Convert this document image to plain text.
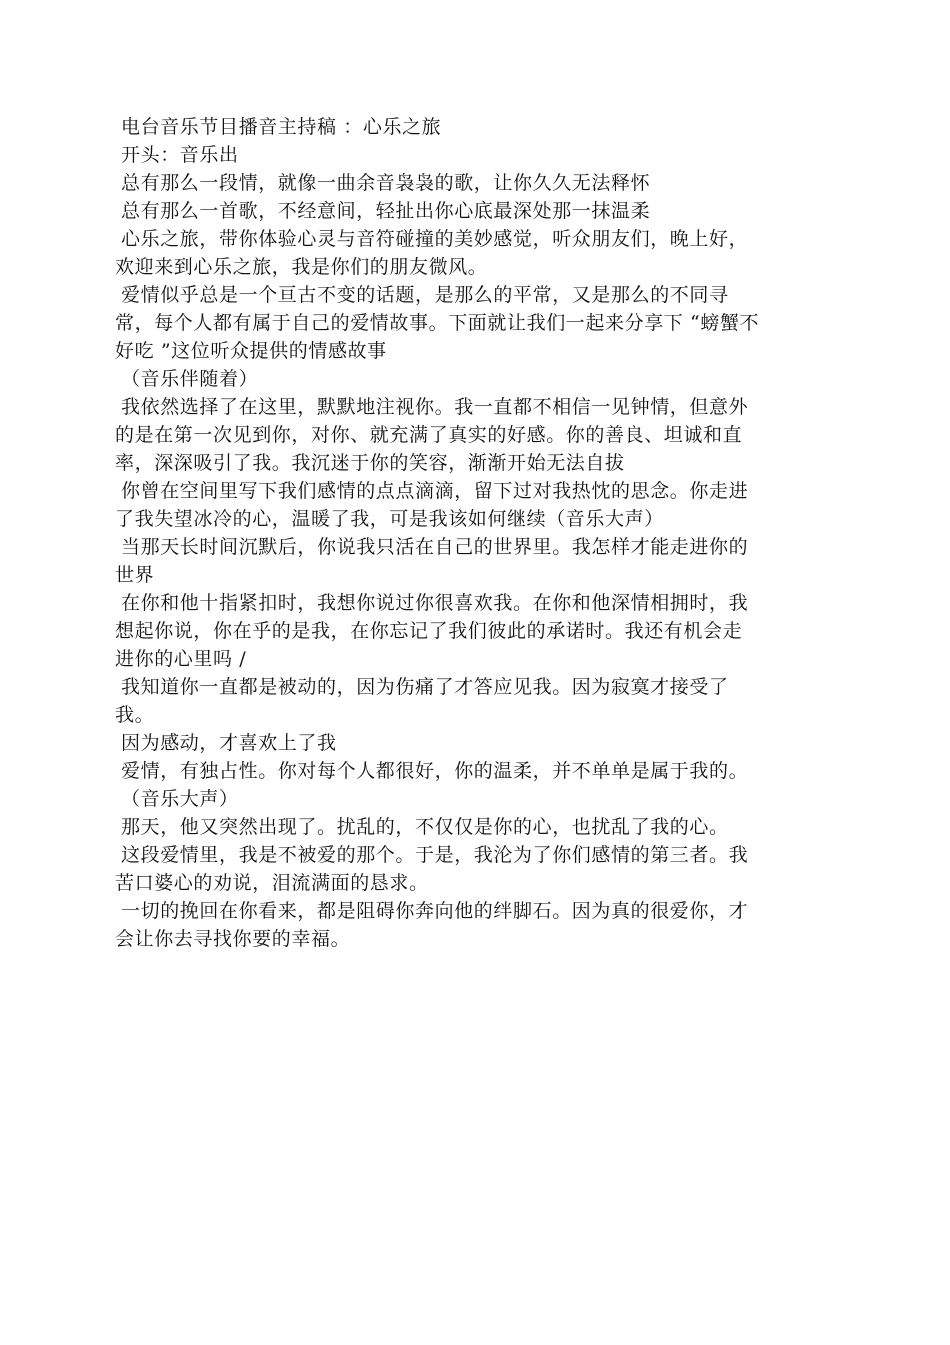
电台音乐节目播音主持稿 ：心乐之旅

开头：音乐出

总有那么一段情，就像一曲余音袅袅的歌，让你久久无法释怀

总有那么一首歌，不经意间，轻扯出你心底最深处那一抹温柔

心乐之旅，带你体验心灵与音符碰撞的美妙感觉，听众朋友们，晚上好，欢迎来到心乐之旅，我是你们的朋友微风。

爱情似乎总是一个亘古不变的话题，是那么的平常，又是那么的不同寻常，每个人都有属于自己的爱情故事。下面就让我们一起来分享下 “螃蟹不好吃 ”这位听众提供的情感故事

（音乐伴随着）

我依然选择了在这里，默默地注视你。我一直都不相信一见钟情，但意外的是在第一次见到你，对你、就充满了真实的好感。你的善良、坦诚和直率，深深吸引了我。我沉迷于你的笑容，渐渐开始无法自拔

你曾在空间里写下我们感情的点点滴滴，留下过对我热忱的思念。你走进了我失望冰冷的心，温暖了我，可是我该如何继续（音乐大声）

当那天长时间沉默后，你说我只活在自己的世界里。我怎样才能走进你的世界

在你和他十指紧扣时，我想你说过你很喜欢我。在你和他深情相拥时，我想起你说，你在乎的是我，在你忘记了我们彼此的承诺时。我还有机会走进你的心里吗 /

我知道你一直都是被动的，因为伤痛了才答应见我。因为寂寞才接受了我。

因为感动，才喜欢上了我

爱情，有独占性。你对每个人都很好，你的温柔，并不单单是属于我的。

（音乐大声）

那天，他又突然出现了。扰乱的，不仅仅是你的心，也扰乱了我的心。

这段爱情里，我是不被爱的那个。于是，我沦为了你们感情的第三者。我苦口婆心的劝说，泪流满面的恳求。

一切的挽回在你看来，都是阻碍你奔向他的绊脚石。因为真的很爱你，才会让你去寻找你要的幸福。
